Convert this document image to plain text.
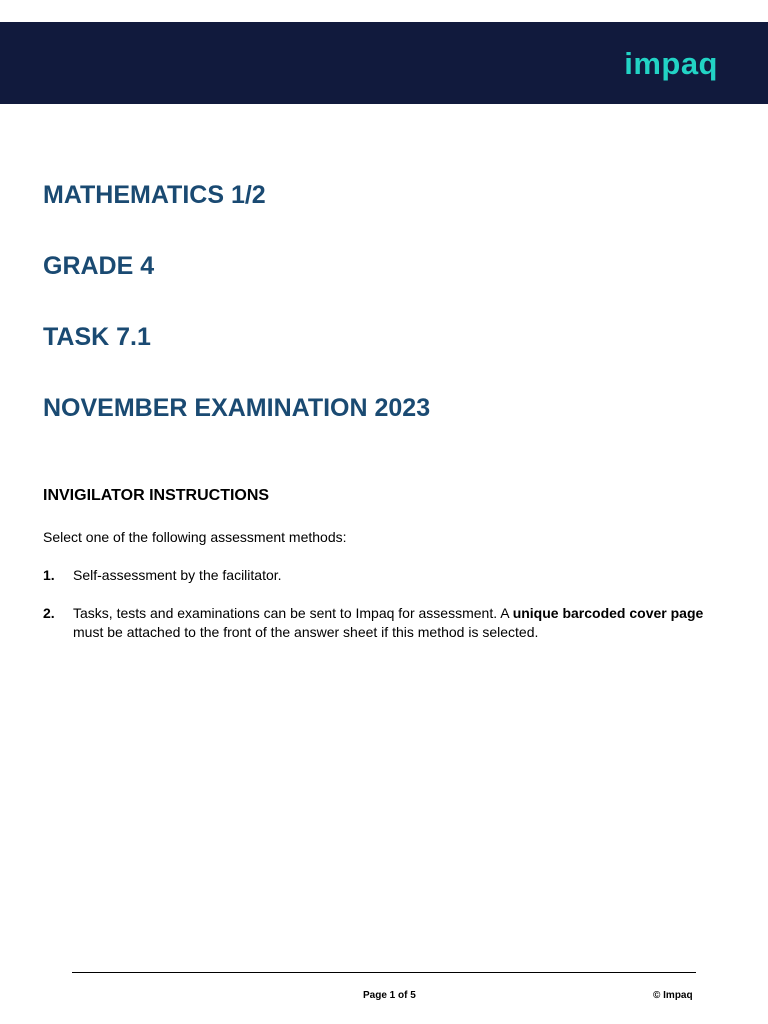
impaq
MATHEMATICS 1/2
GRADE 4
TASK 7.1
NOVEMBER EXAMINATION 2023
INVIGILATOR INSTRUCTIONS

Select one of the following assessment methods:

1. Self-assessment by the facilitator.
2. Tasks, tests and examinations can be sent to Impaq for assessment. A unique barcoded cover page must be attached to the front of the answer sheet if this method is selected.
Page 1 of 5	© Impaq
